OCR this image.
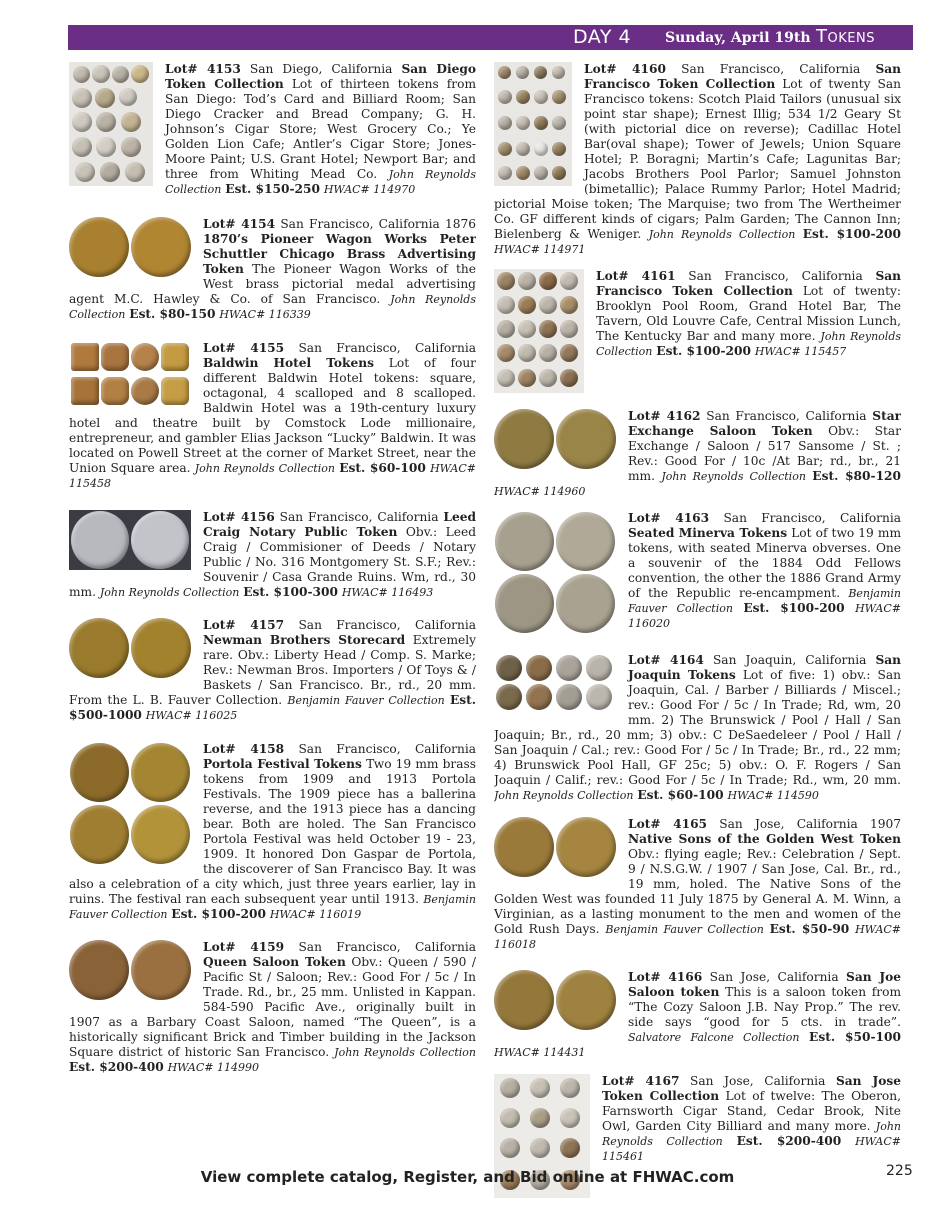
DAY 4 Sunday, April 19th Tokens
Lot# 4153 San Diego, California San Diego Token Collection Lot of thirteen tokens from San Diego: Tod’s Card and Billiard Room; San Diego Cracker and Bread Company; G. H. Johnson’s Cigar Store; West Grocery Co.; Ye Golden Lion Cafe; Antler’s Cigar Store; Jones-Moore Paint; U.S. Grant Hotel; Newport Bar; and three from Whiting Mead Co. John Reynolds Collection Est. $150-250 HWAC# 114970
Lot# 4154 San Francisco, California 1876 1870’s Pioneer Wagon Works Peter Schuttler Chicago Brass Advertising Token The Pioneer Wagon Works of the West brass pictorial medal advertising agent M.C. Hawley & Co. of San Francisco. John Reynolds Collection Est. $80-150 HWAC# 116339
Lot# 4155 San Francisco, California Baldwin Hotel Tokens Lot of four different Baldwin Hotel tokens: square, octagonal, 4 scalloped and 8 scalloped. Baldwin Hotel was a 19th-century luxury hotel and theatre built by Comstock Lode millionaire, entrepreneur, and gambler Elias Jackson “Lucky” Baldwin. It was located on Powell Street at the corner of Market Street, near the Union Square area. John Reynolds Collection Est. $60-100 HWAC# 115458
Lot# 4156 San Francisco, California Leed Craig Notary Public Token Obv.: Leed Craig / Commisioner of Deeds / Notary Public / No. 316 Montgomery St. S.F.; Rev.: Souvenir / Casa Grande Ruins. Wm, rd., 30 mm. John Reynolds Collection Est. $100-300 HWAC# 116493
Lot# 4157 San Francisco, California Newman Brothers Storecard Extremely rare. Obv.: Liberty Head / Comp. S. Marke; Rev.: Newman Bros. Importers / Of Toys & / Baskets / San Francisco. Br., rd., 20 mm. From the L. B. Fauver Collection. Benjamin Fauver Collection Est. $500-1000 HWAC# 116025
Lot# 4158 San Francisco, California Portola Festival Tokens Two 19 mm brass tokens from 1909 and 1913 Portola Festivals. The 1909 piece has a ballerina reverse, and the 1913 piece has a dancing bear. Both are holed. The San Francisco Portola Festival was held October 19 - 23, 1909. It honored Don Gaspar de Portola, the discoverer of San Francisco Bay. It was also a celebration of a city which, just three years earlier, lay in ruins. The festival ran each subsequent year until 1913. Benjamin Fauver Collection Est. $100-200 HWAC# 116019
Lot# 4159 San Francisco, California Queen Saloon Token Obv.: Queen / 590 / Pacific St / Saloon; Rev.: Good For / 5c / In Trade. Rd., br., 25 mm. Unlisted in Kappan. 584-590 Pacific Ave., originally built in 1907 as a Barbary Coast Saloon, named “The Queen”, is a historically significant Brick and Timber building in the Jackson Square district of historic San Francisco. John Reynolds Collection Est. $200-400 HWAC# 114990
Lot# 4160 San Francisco, California San Francisco Token Collection Lot of twenty San Francisco tokens: Scotch Plaid Tailors (unusual six point star shape); Ernest Illig; 534 1/2 Geary St (with pictorial dice on reverse); Cadillac Hotel Bar(oval shape); Tower of Jewels; Union Square Hotel; P. Boragni; Martin’s Cafe; Lagunitas Bar; Jacobs Brothers Pool Parlor; Samuel Johnston (bimetallic); Palace Rummy Parlor; Hotel Madrid; pictorial Moise token; The Marquise; two from The Wertheimer Co. GF different kinds of cigars; Palm Garden; The Cannon Inn; Bielenberg & Weniger. John Reynolds Collection Est. $100-200 HWAC# 114971
Lot# 4161 San Francisco, California San Francisco Token Collection Lot of twenty: Brooklyn Pool Room, Grand Hotel Bar, The Tavern, Old Louvre Cafe, Central Mission Lunch, The Kentucky Bar and many more. John Reynolds Collection Est. $100-200 HWAC# 115457
Lot# 4162 San Francisco, California Star Exchange Saloon Token Obv.: Star Exchange / Saloon / 517 Sansome / St. ; Rev.: Good For / 10c /At Bar; rd., br., 21 mm. John Reynolds Collection Est. $80-120 HWAC# 114960
Lot# 4163 San Francisco, California Seated Minerva Tokens Lot of two 19 mm tokens, with seated Minerva obverses. One a souvenir of the 1884 Odd Fellows convention, the other the 1886 Grand Army of the Republic re-encampment. Benjamin Fauver Collection Est. $100-200 HWAC# 116020
Lot# 4164 San Joaquin, California San Joaquin Tokens Lot of five: 1) obv.: San Joaquin, Cal. / Barber / Billiards / Miscel.; rev.: Good For / 5c / In Trade; Rd, wm, 20 mm. 2) The Brunswick / Pool / Hall / San Joaquin; Br., rd., 20 mm; 3) obv.: C DeSaedeleer / Pool / Hall / San Joaquin / Cal.; rev.: Good For / 5c / In Trade; Br., rd., 22 mm; 4) Brunswick Pool Hall, GF 25c; 5) obv.: O. F. Rogers / San Joaquin / Calif.; rev.: Good For / 5c / In Trade; Rd., wm, 20 mm. John Reynolds Collection Est. $60-100 HWAC# 114590
Lot# 4165 San Jose, California 1907 Native Sons of the Golden West Token Obv.: flying eagle; Rev.: Celebration / Sept. 9 / N.S.G.W. / 1907 / San Jose, Cal. Br., rd., 19 mm, holed. The Native Sons of the Golden West was founded 11 July 1875 by General A. M. Winn, a Virginian, as a lasting monument to the men and women of the Gold Rush Days. Benjamin Fauver Collection Est. $50-90 HWAC# 116018
Lot# 4166 San Jose, California San Joe Saloon token This is a saloon token from “The Cozy Saloon J.B. Nay Prop.” The rev. side says “good for 5 cts. in trade”. Salvatore Falcone Collection Est. $50-100 HWAC# 114431
Lot# 4167 San Jose, California San Jose Token Collection Lot of twelve: The Oberon, Farnsworth Cigar Stand, Cedar Brook, Nite Owl, Garden City Billiard and many more. John Reynolds Collection Est. $200-400 HWAC# 115461
View complete catalog, Register, and Bid online at FHWAC.com	225
